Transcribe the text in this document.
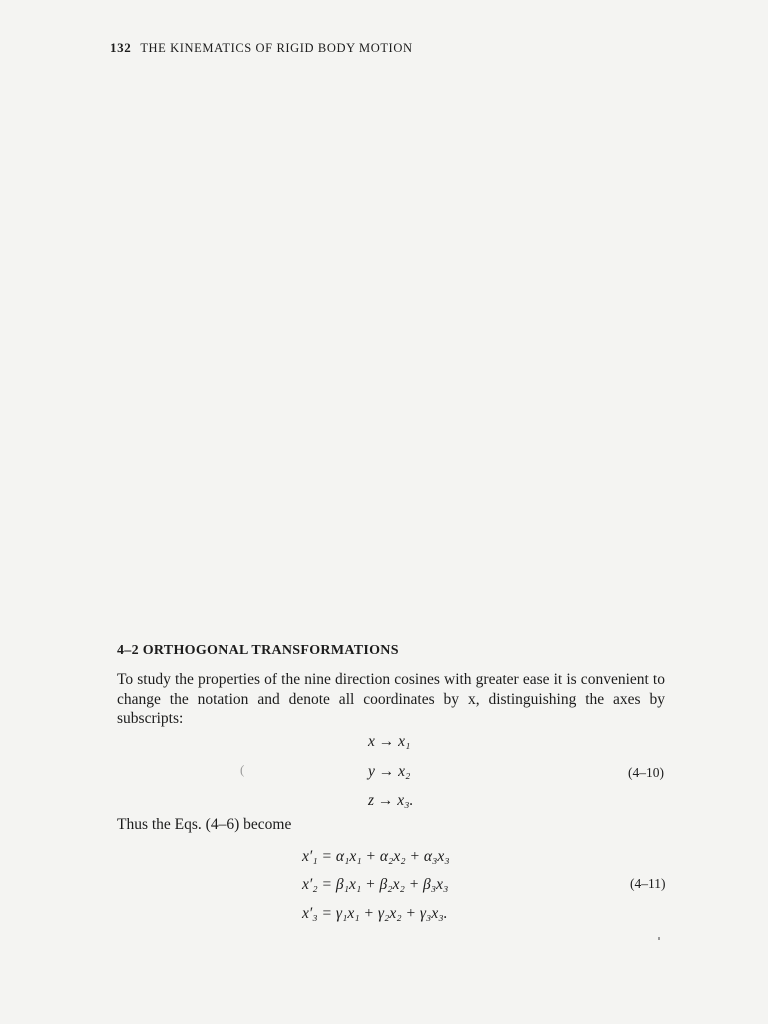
132 THE KINEMATICS OF RIGID BODY MOTION
4–2 ORTHOGONAL TRANSFORMATIONS

To study the properties of the nine direction cosines with greater ease it is convenient to change the notation and denote all coordinates by x, distinguishing the axes by subscripts:

x → x₁
y → x₂
z → x₃.
(4–10)
(
Thus the Eqs. (4–6) become
x′₁ = α₁x₁ + α₂x₂ + α₃x₃
x′₂ = β₁x₁ + β₂x₂ + β₃x₃
x′₃ = γ₁x₁ + γ₂x₂ + γ₃x₃.
(4–11)
